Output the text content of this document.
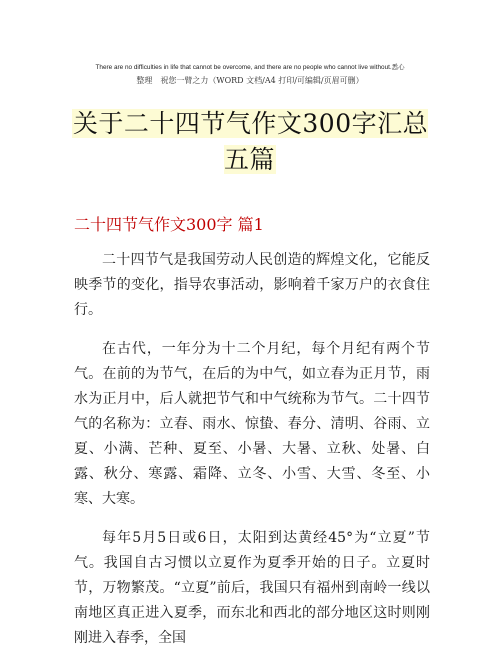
There are no difficulties in life that cannot be overcome, and there are no people who cannot live without.悉心
整理　祝您一臂之力（WORD 文档/A4 打印/可编辑/页眉可删）
关于二十四节气作文300字汇总五篇
二十四节气作文300字 篇1

二十四节气是我国劳动人民创造的辉煌文化，它能反映季节的变化，指导农事活动，影响着千家万户的衣食住行。

在古代，一年分为十二个月纪，每个月纪有两个节气。在前的为节气，在后的为中气，如立春为正月节，雨水为正月中，后人就把节气和中气统称为节气。二十四节气的名称为：立春、雨水、惊蛰、春分、清明、谷雨、立夏、小满、芒种、夏至、小暑、大暑、立秋、处暑、白露、秋分、寒露、霜降、立冬、小雪、大雪、冬至、小寒、大寒。

每年5月5日或6日，太阳到达黄经45°为“立夏”节气。我国自古习惯以立夏作为夏季开始的日子。立夏时节，万物繁茂。“立夏”前后，我国只有福州到南岭一线以南地区真正进入夏季，而东北和西北的部分地区这时则刚刚进入春季，全国
